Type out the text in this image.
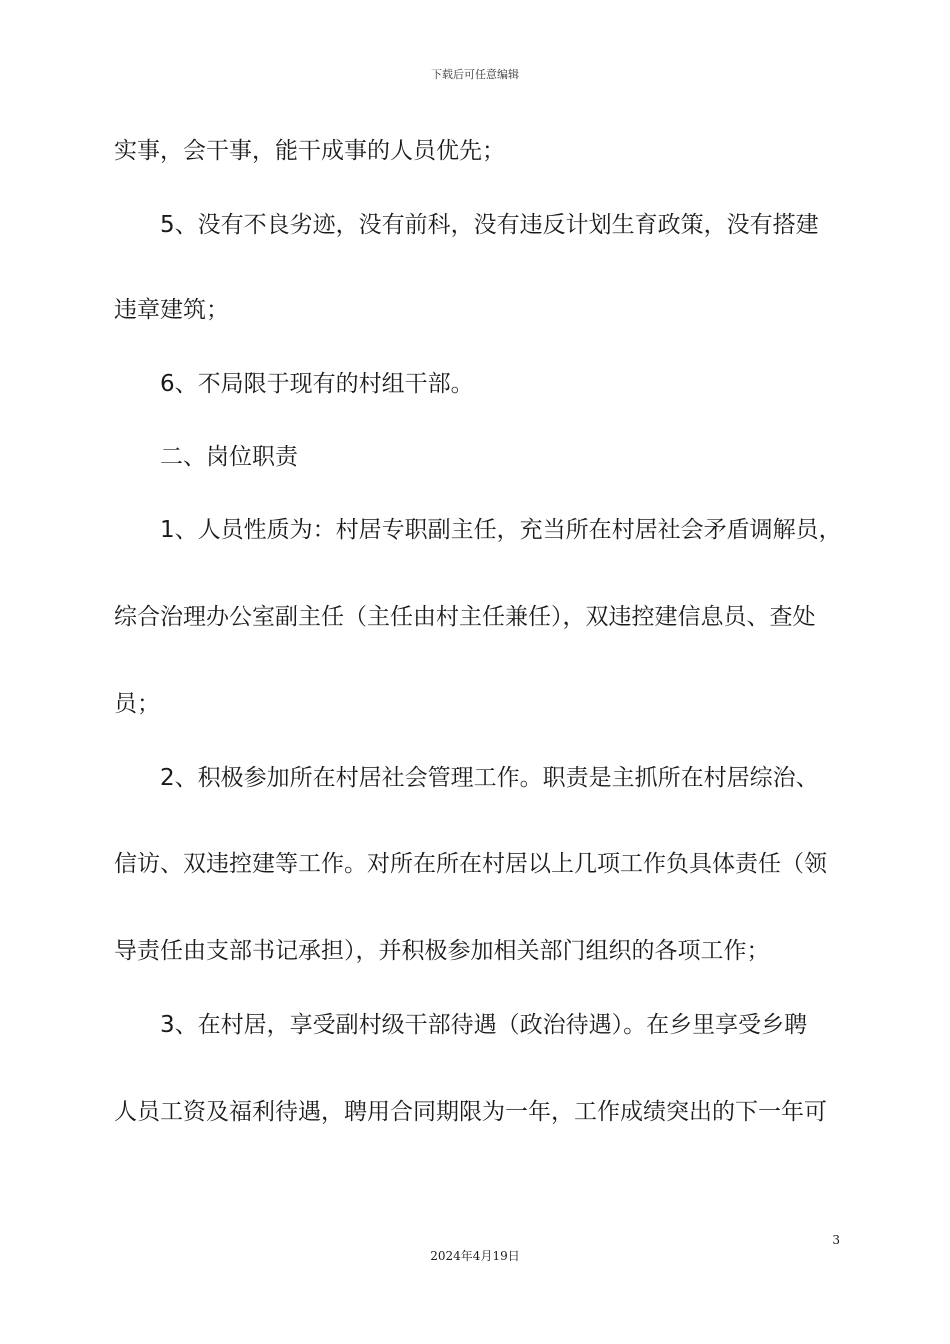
下载后可任意编辑
实事，会干事，能干成事的人员优先；
5、没有不良劣迹，没有前科，没有违反计划生育政策，没有搭建
违章建筑；
6、不局限于现有的村组干部。
二、岗位职责
1、人员性质为：村居专职副主任，充当所在村居社会矛盾调解员，
综合治理办公室副主任（主任由村主任兼任），双违控建信息员、查处
员；
2、积极参加所在村居社会管理工作。职责是主抓所在村居综治、
信访、双违控建等工作。对所在所在村居以上几项工作负具体责任（领
导责任由支部书记承担），并积极参加相关部门组织的各项工作；
3、在村居，享受副村级干部待遇（政治待遇）。在乡里享受乡聘
人员工资及福利待遇，聘用合同期限为一年，工作成绩突出的下一年可
3
2024年4月19日
